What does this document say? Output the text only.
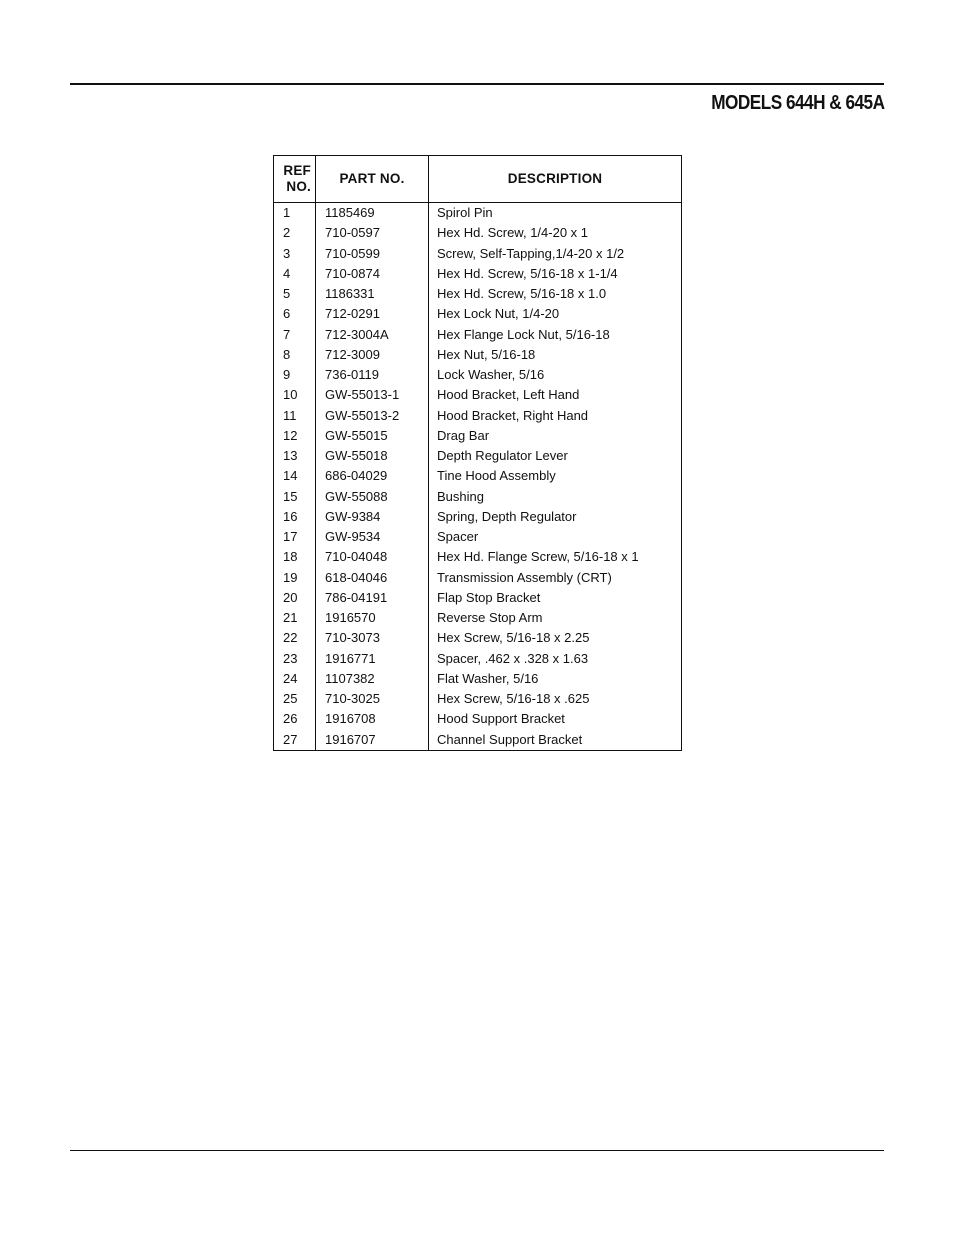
MODELS 644H & 645A
REF
NO.	PART NO.	DESCRIPTION
1	1185469	Spirol Pin
2	710-0597	Hex Hd. Screw, 1/4-20 x 1
3	710-0599	Screw, Self-Tapping,1/4-20 x 1/2
4	710-0874	Hex Hd. Screw, 5/16-18 x 1-1/4
5	1186331	Hex Hd. Screw, 5/16-18 x 1.0
6	712-0291	Hex Lock Nut, 1/4-20
7	712-3004A	Hex Flange Lock Nut, 5/16-18
8	712-3009	Hex Nut, 5/16-18
9	736-0119	Lock Washer, 5/16
10	GW-55013-1	Hood Bracket, Left Hand
11	GW-55013-2	Hood Bracket, Right Hand
12	GW-55015	Drag Bar
13	GW-55018	Depth Regulator Lever
14	686-04029	Tine Hood Assembly
15	GW-55088	Bushing
16	GW-9384	Spring, Depth Regulator
17	GW-9534	Spacer
18	710-04048	Hex Hd. Flange Screw, 5/16-18 x 1
19	618-04046	Transmission Assembly (CRT)
20	786-04191	Flap Stop Bracket
21	1916570	Reverse Stop Arm
22	710-3073	Hex Screw, 5/16-18 x 2.25
23	1916771	Spacer, .462 x .328 x 1.63
24	1107382	Flat Washer, 5/16
25	710-3025	Hex Screw, 5/16-18 x .625
26	1916708	Hood Support Bracket
27	1916707	Channel Support Bracket
